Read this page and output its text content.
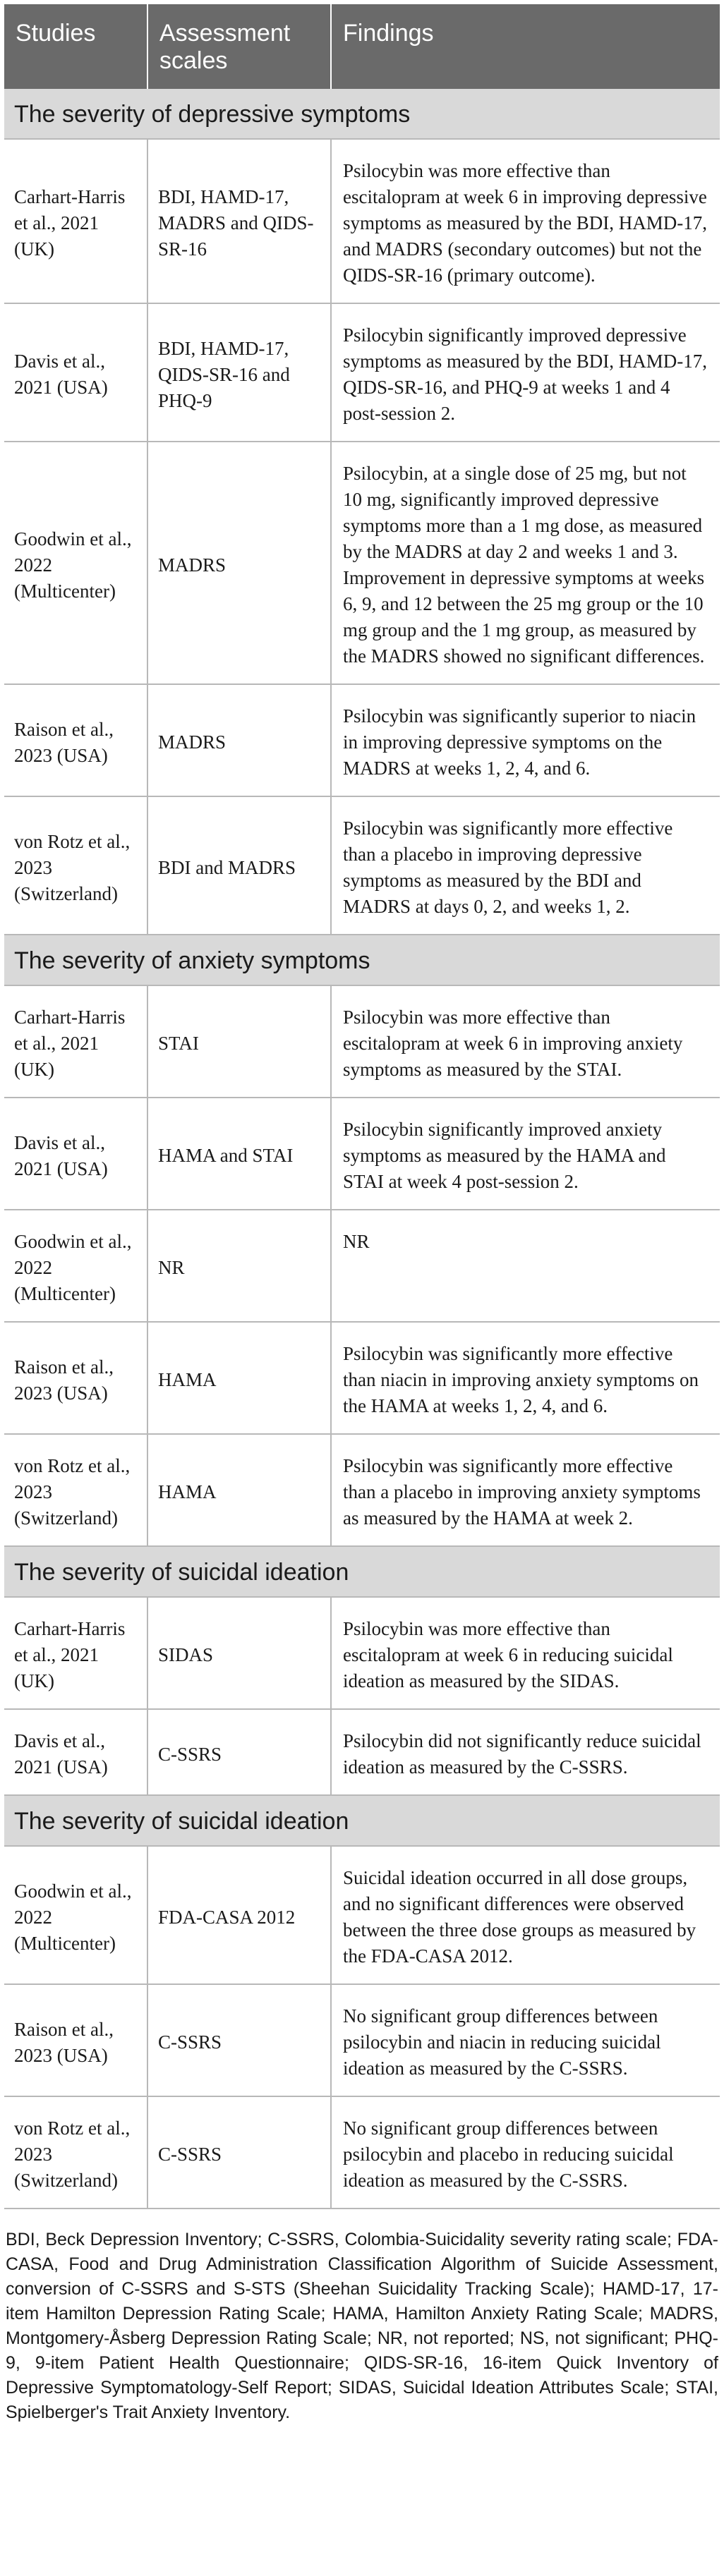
Studies	Assessment scales	Findings
The severity of depressive symptoms		
Carhart-Harris et al., 2021 (UK)	BDI, HAMD-17, MADRS and QIDS-SR-16	Psilocybin was more effective than escitalopram at week 6 in improving depressive symptoms as measured by the BDI, HAMD-17, and MADRS (secondary outcomes) but not the QIDS-SR-16 (primary outcome).

Davis et al., 2021 (USA)	BDI, HAMD-17, QIDS-SR-16 and PHQ-9	Psilocybin significantly improved depressive symptoms as measured by the BDI, HAMD-17, QIDS-SR-16, and PHQ-9 at weeks 1 and 4 post-session 2.

Goodwin et al., 2022 (Multicenter)	MADRS	Psilocybin, at a single dose of 25 mg, but not 10 mg, significantly improved depressive symptoms more than a 1 mg dose, as measured by the MADRS at day 2 and weeks 1 and 3.
Improvement in depressive symptoms at weeks 6, 9, and 12 between the 25 mg group or the 10 mg group and the 1 mg group, as measured by the MADRS showed no significant differences.

Raison et al., 2023 (USA)	MADRS	Psilocybin was significantly superior to niacin in improving depressive symptoms on the MADRS at weeks 1, 2, 4, and 6.

von Rotz et al., 2023 (Switzerland)	BDI and MADRS	Psilocybin was significantly more effective than a placebo in improving depressive symptoms as measured by the BDI and MADRS at days 0, 2, and weeks 1, 2.

The severity of anxiety symptoms		
Carhart-Harris et al., 2021 (UK)	STAI	Psilocybin was more effective than escitalopram at week 6 in improving anxiety symptoms as measured by the STAI.

Davis et al., 2021 (USA)	HAMA and STAI	Psilocybin significantly improved anxiety symptoms as measured by the HAMA and STAI at week 4 post-session 2.

Goodwin et al., 2022 (Multicenter)	NR	NR

Raison et al., 2023 (USA)	HAMA	Psilocybin was significantly more effective than niacin in improving anxiety symptoms on the HAMA at weeks 1, 2, 4, and 6.

von Rotz et al., 2023 (Switzerland)	HAMA	Psilocybin was significantly more effective than a placebo in improving anxiety symptoms as measured by the HAMA at week 2.

The severity of suicidal ideation		
Carhart-Harris et al., 2021 (UK)	SIDAS	Psilocybin was more effective than escitalopram at week 6 in reducing suicidal ideation as measured by the SIDAS.

Davis et al., 2021 (USA)	C-SSRS	Psilocybin did not significantly reduce suicidal ideation as measured by the C-SSRS.

The severity of suicidal ideation		
Goodwin et al., 2022 (Multicenter)	FDA-CASA 2012	Suicidal ideation occurred in all dose groups, and no significant differences were observed between the three dose groups as measured by the FDA-CASA 2012.

Raison et al., 2023 (USA)	C-SSRS	No significant group differences between psilocybin and niacin in reducing suicidal ideation as measured by the C-SSRS.

von Rotz et al., 2023 (Switzerland)	C-SSRS	No significant group differences between psilocybin and placebo in reducing suicidal ideation as measured by the C-SSRS.
BDI, Beck Depression Inventory; C-SSRS, Colombia-Suicidality severity rating scale; FDA-CASA, Food and Drug Administration Classification Algorithm of Suicide Assessment, conversion of C-SSRS and S-STS (Sheehan Suicidality Tracking Scale); HAMD-17, 17-item Hamilton Depression Rating Scale; HAMA, Hamilton Anxiety Rating Scale; MADRS, Montgomery-Åsberg Depression Rating Scale; NR, not reported; NS, not significant; PHQ-9, 9-item Patient Health Questionnaire; QIDS-SR-16, 16-item Quick Inventory of Depressive Symptomatology-Self Report; SIDAS, Suicidal Ideation Attributes Scale; STAI, Spielberger's Trait Anxiety Inventory.
